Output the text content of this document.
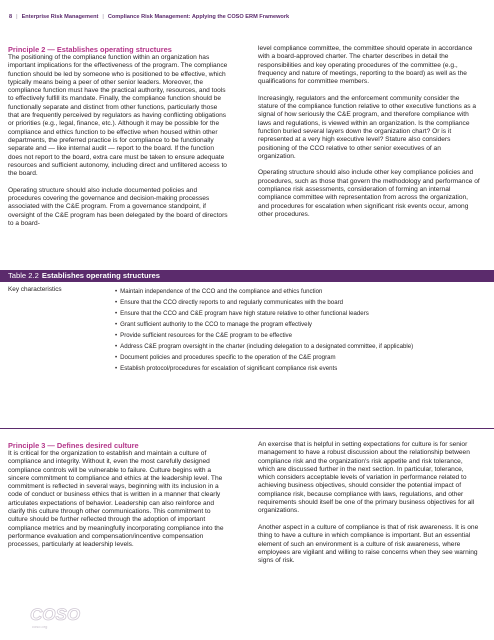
8 | Enterprise Risk Management | Compliance Risk Management: Applying the COSO ERM Framework
Principle 2 — Establishes operating structures

The positioning of the compliance function within an organization has important implications for the effectiveness of the program. The compliance function should be led by someone who is positioned to be effective, which typically means being a peer of other senior leaders. Moreover, the compliance function must have the practical authority, resources, and tools to effectively fulfill its mandate. Finally, the compliance function should be functionally separate and distinct from other functions, particularly those that are frequently perceived by regulators as having conflicting obligations or priorities (e.g., legal, finance, etc.). Although it may be possible for the compliance and ethics function to be effective when housed within other departments, the preferred practice is for compliance to be functionally separate and — like internal audit — report to the board. If the function does not report to the board, extra care must be taken to ensure adequate resources and sufficient autonomy, including direct and unfiltered access to the board.

Operating structure should also include documented policies and procedures covering the governance and decision-making processes associated with the C&E program. From a governance standpoint, if oversight of the C&E program has been delegated by the board of directors to a board-

level compliance committee, the committee should operate in accordance with a board-approved charter. The charter describes in detail the responsibilities and key operating procedures of the committee (e.g., frequency and nature of meetings, reporting to the board) as well as the qualifications for committee members.

Increasingly, regulators and the enforcement community consider the stature of the compliance function relative to other executive functions as a signal of how seriously the C&E program, and therefore compliance with laws and regulations, is viewed within an organization. Is the compliance function buried several layers down the organization chart? Or is it represented at a very high executive level? Stature also considers positioning of the CCO relative to other senior executives of an organization.

Operating structure should also include other key compliance policies and procedures, such as those that govern the methodology and performance of compliance risk assessments, consideration of forming an internal compliance committee with representation from across the organization, and procedures for escalation when significant risk events occur, among other procedures.

Table 2.2 Establishes operating structures
Key characteristics	• Maintain independence of the CCO and the compliance and ethics function
• Ensure that the CCO directly reports to and regularly communicates with the board
• Ensure that the CCO and C&E program have high stature relative to other functional leaders
• Grant sufficient authority to the CCO to manage the program effectively
• Provide sufficient resources for the C&E program to be effective
• Address C&E program oversight in the charter (including delegation to a designated committee, if applicable)
• Document policies and procedures specific to the operation of the C&E program
• Establish protocol/procedures for escalation of significant compliance risk events
Principle 3 — Defines desired culture

It is critical for the organization to establish and maintain a culture of compliance and integrity. Without it, even the most carefully designed compliance controls will be vulnerable to failure. Culture begins with a sincere commitment to compliance and ethics at the leadership level. The commitment is reflected in several ways, beginning with its inclusion in a code of conduct or business ethics that is written in a manner that clearly articulates expectations of behavior. Leadership can also reinforce and clarify this culture through other communications. This commitment to culture should be further reflected through the adoption of important compliance metrics and by meaningfully incorporating compliance into the performance evaluation and compensation/incentive compensation processes, particularly at leadership levels.

An exercise that is helpful in setting expectations for culture is for senior management to have a robust discussion about the relationship between compliance risk and the organization's risk appetite and risk tolerance, which are discussed further in the next section. In particular, tolerance, which considers acceptable levels of variation in performance related to achieving business objectives, should consider the potential impact of compliance risk, because compliance with laws, regulations, and other requirements should itself be one of the primary business objectives for all organizations.

Another aspect in a culture of compliance is that of risk awareness. It is one thing to have a culture in which compliance is important. But an essential element of such an environment is a culture of risk awareness, where employees are vigilant and willing to raise concerns when they see warning signs of risk.

COSO
coso.org
